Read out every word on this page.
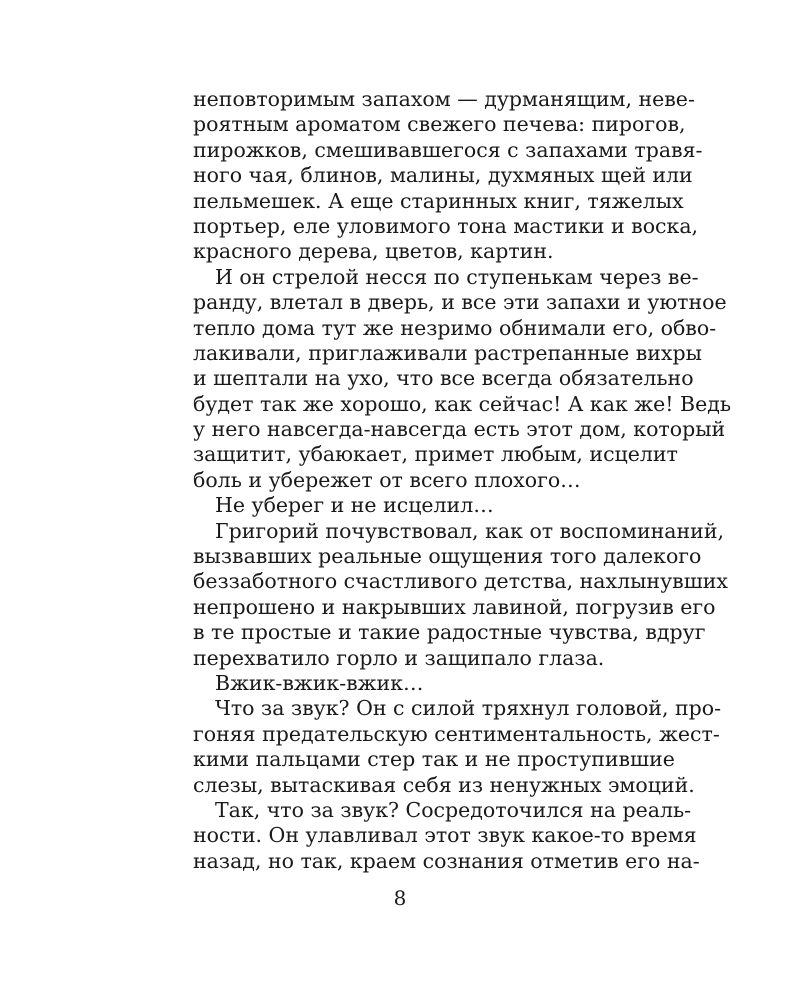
неповторимым запахом — дурманящим, неве-
роятным ароматом свежего печева: пирогов,
пирожков, смешивавшегося с запахами травя-
ного чая, блинов, малины, духмяных щей или
пельмешек. А еще старинных книг, тяжелых
портьер, еле уловимого тона мастики и воска,
красного дерева, цветов, картин.
И он стрелой несся по ступенькам через ве-
ранду, влетал в дверь, и все эти запахи и уютное
тепло дома тут же незримо обнимали его, обво-
лакивали, приглаживали растрепанные вихры
и шептали на ухо, что все всегда обязательно
будет так же хорошо, как сейчас! А как же! Ведь
у него навсегда-навсегда есть этот дом, который
защитит, убаюкает, примет любым, исцелит
боль и убережет от всего плохого…
Не уберег и не исцелил…
Григорий почувствовал, как от воспоминаний,
вызвавших реальные ощущения того далекого
беззаботного счастливого детства, нахлынувших
непрошено и накрывших лавиной, погрузив его
в те простые и такие радостные чувства, вдруг
перехватило горло и защипало глаза.
Вжик-вжик-вжик…
Что за звук? Он с силой тряхнул головой, про-
гоняя предательскую сентиментальность, жест-
кими пальцами стер так и не проступившие
слезы, вытаскивая себя из ненужных эмоций.
Так, что за звук? Сосредоточился на реаль-
ности. Он улавливал этот звук какое-то время
назад, но так, краем сознания отметив его на-
8
